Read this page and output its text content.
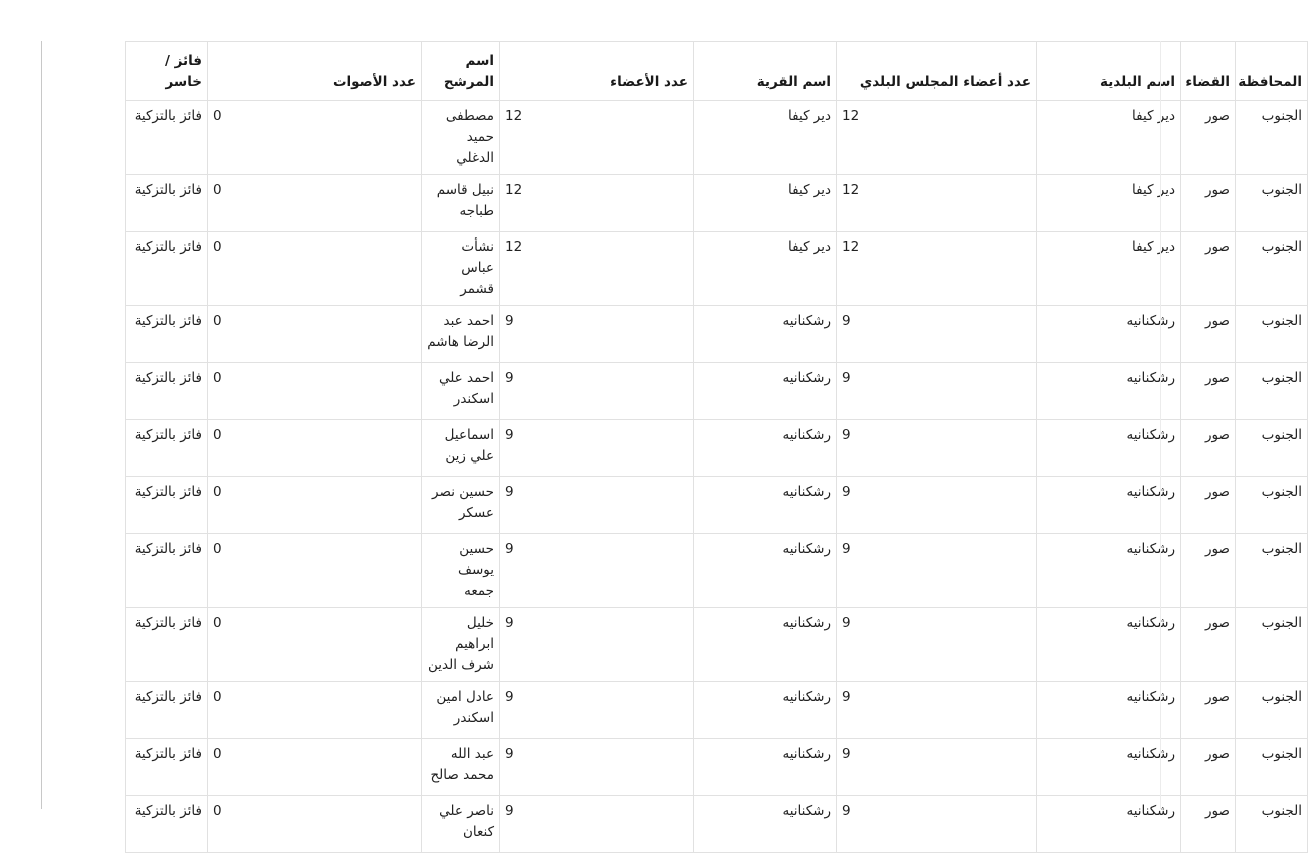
المحافظة	القضاء	اسم البلدية	عدد أعضاء المجلس البلدي	اسم القرية	عدد الأعضاء	اسم المرشح	عدد الأصوات	فائز / خاسر
الجنوب	صور	دير كيفا	12	دير كيفا	12	مصطفى حميد الدغلي	0	فائز بالتزكية
الجنوب	صور	دير كيفا	12	دير كيفا	12	نبيل قاسم طباجه	0	فائز بالتزكية
الجنوب	صور	دير كيفا	12	دير كيفا	12	نشأت عباس قشمر	0	فائز بالتزكية
الجنوب	صور	رشكنانيه	9	رشكنانيه	9	احمد عبد الرضا هاشم	0	فائز بالتزكية
الجنوب	صور	رشكنانيه	9	رشكنانيه	9	احمد علي اسكندر	0	فائز بالتزكية
الجنوب	صور	رشكنانيه	9	رشكنانيه	9	اسماعيل علي زين	0	فائز بالتزكية
الجنوب	صور	رشكنانيه	9	رشكنانيه	9	حسين نصر عسكر	0	فائز بالتزكية
الجنوب	صور	رشكنانيه	9	رشكنانيه	9	حسين يوسف جمعه	0	فائز بالتزكية
الجنوب	صور	رشكنانيه	9	رشكنانيه	9	خليل ابراهيم شرف الدين	0	فائز بالتزكية
الجنوب	صور	رشكنانيه	9	رشكنانيه	9	عادل امين اسكندر	0	فائز بالتزكية
الجنوب	صور	رشكنانيه	9	رشكنانيه	9	عبد الله محمد صالح	0	فائز بالتزكية
الجنوب	صور	رشكنانيه	9	رشكنانيه	9	ناصر علي كنعان	0	فائز بالتزكية
